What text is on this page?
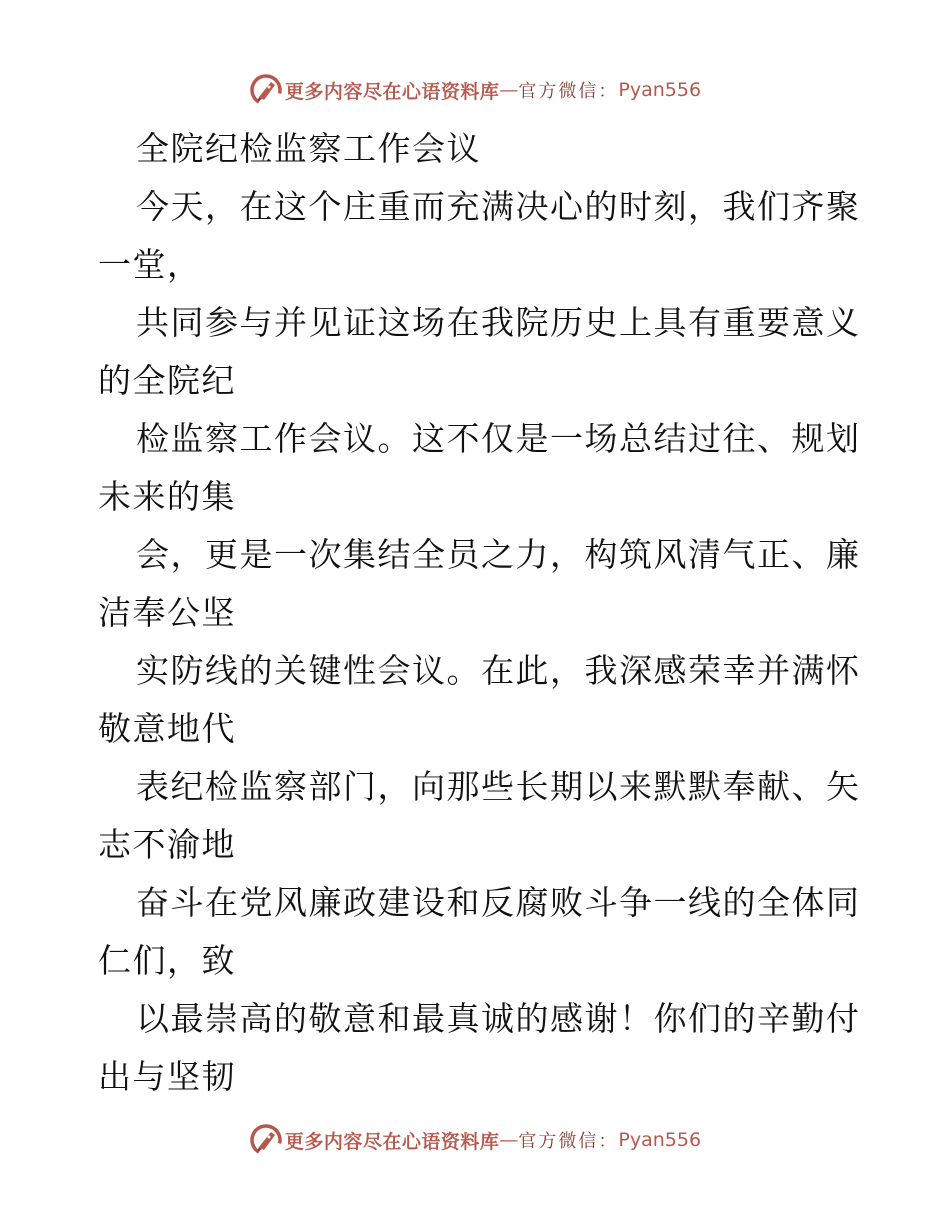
更多内容尽在心语资料库 — 官方微信： Pyan556
全院纪检监察工作会议
今天，在这个庄重而充满决心的时刻，我们齐聚
一堂，
共同参与并见证这场在我院历史上具有重要意义
的全院纪
检监察工作会议。这不仅是一场总结过往、规划
未来的集
会，更是一次集结全员之力，构筑风清气正、廉
洁奉公坚
实防线的关键性会议。在此，我深感荣幸并满怀
敬意地代
表纪检监察部门，向那些长期以来默默奉献、矢
志不渝地
奋斗在党风廉政建设和反腐败斗争一线的全体同
仁们，致
以最崇高的敬意和最真诚的感谢！你们的辛勤付
出与坚韧
更多内容尽在心语资料库 — 官方微信： Pyan556
